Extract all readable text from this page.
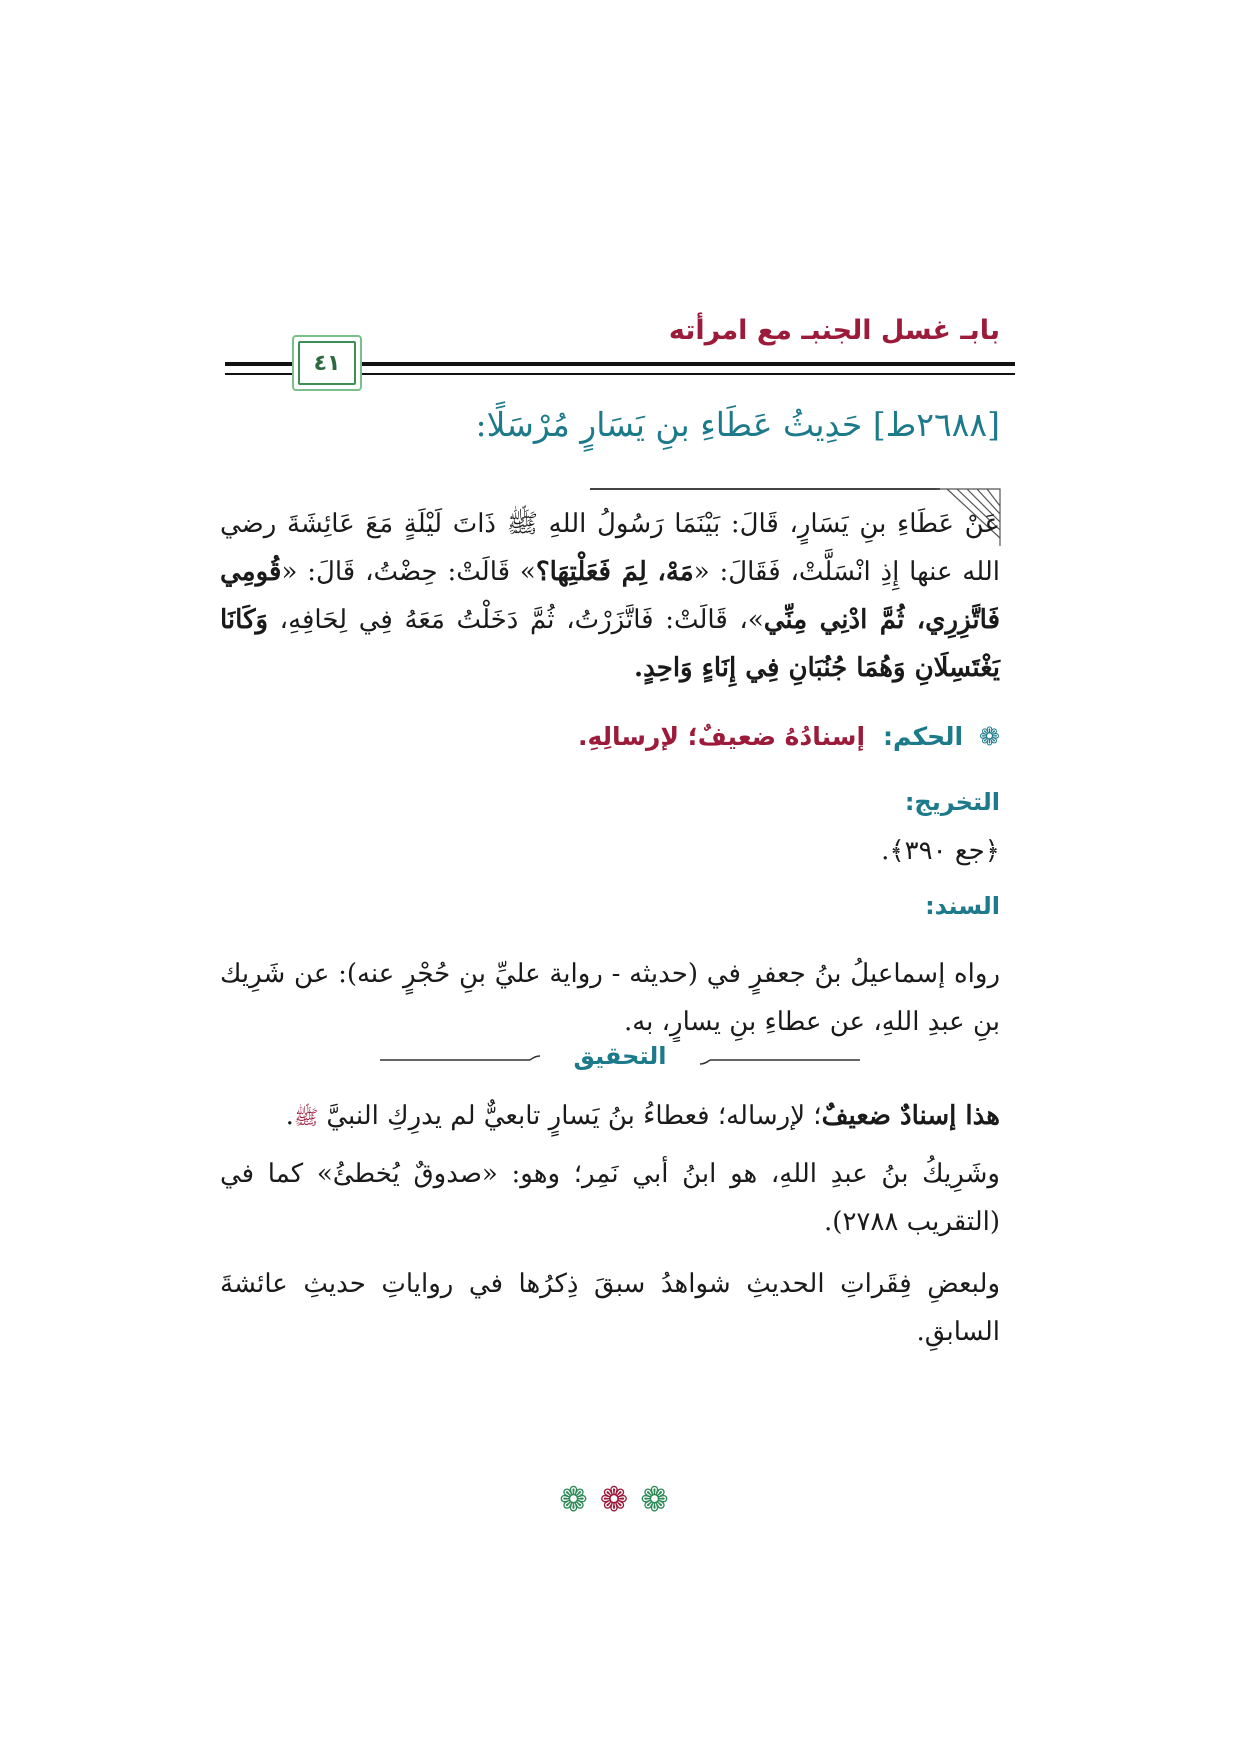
بابـ غسل الجنبـ مع امرأته
٤١
[٢٦٨٨ط] حَدِيثُ عَطَاءِ بنِ يَسَارٍ مُرْسَلًا:
عَنْ عَطَاءِ بنِ يَسَارٍ، قَالَ: بَيْنَمَا رَسُولُ اللهِ ﷺ ذَاتَ لَيْلَةٍ مَعَ عَائِشَةَ رضي الله عنها إِذِ انْسَلَّتْ، فَقَالَ: «مَهْ، لِمَ فَعَلْتِهَا؟» قَالَتْ: حِضْتُ، قَالَ: «قُومِي فَاتَّزِرِي، ثُمَّ ادْنِي مِنِّي»، قَالَتْ: فَاتَّزَرْتُ، ثُمَّ دَخَلْتُ مَعَهُ فِي لِحَافِهِ، وَكَانَا يَغْتَسِلَانِ وَهُمَا جُنُبَانِ فِي إِنَاءٍ وَاحِدٍ.
❁ الحكم: إسنادُهُ ضعيفٌ؛ لإرسالِهِ.
التخريج:
﴿جع ٣٩٠﴾.
السند:
رواه إسماعيلُ بنُ جعفرٍ في (حديثه - رواية عليِّ بنِ حُجْرٍ عنه): عن شَرِيك بنِ عبدِ اللهِ، عن عطاءِ بنِ يسارٍ، به.
التحقيق
هذا إسنادٌ ضعيفٌ؛ لإرساله؛ فعطاءُ بنُ يَسارٍ تابعيٌّ لم يدرِكِ النبيَّ ﷺ.
وشَرِيكُ بنُ عبدِ اللهِ، هو ابنُ أبي نَمِر؛ وهو: «صدوقٌ يُخطئُ» كما في (التقريب ٢٧٨٨).
ولبعضِ فِقَراتِ الحديثِ شواهدُ سبقَ ذِكرُها في رواياتِ حديثِ عائشةَ السابقِ.
❁❁❁
